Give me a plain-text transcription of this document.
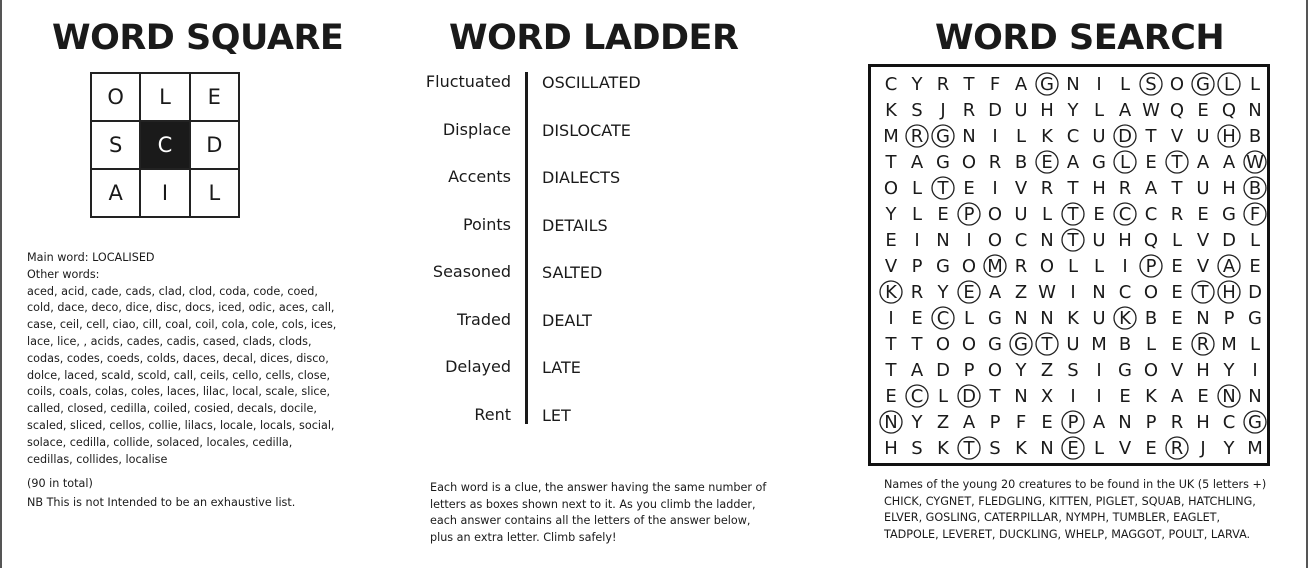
WORD SQUARE
O	L	E
S	C	D
A	I	L

Main word: LOCALISED

Other words:

aced, acid, cade, cads, clad, clod, coda, code, coed, cold, dace, deco, dice, disc, docs, iced, odic, aces, call, case, ceil, cell, ciao, cill, coal, coil, cola, cole, cols, ices, lace, lice, , acids, cades, cadis, cased, clads, clods, codas, codes, coeds, colds, daces, decal, dices, disco, dolce, laced, scald, scold, call, ceils, cello, cells, close, coils, coals, colas, coles, laces, lilac, local, scale, slice, called, closed, cedilla, coiled, cosied, decals, docile, scaled, sliced, cellos, collie, lilacs, locale, locals, social, solace, cedilla, collide, solaced, locales, cedilla, cedillas, collides, localise

(90 in total)

NB This is not Intended to be an exhaustive list.

WORD LADDER
Fluctuated OSCILLATED
Displace DISLOCATE
Accents DIALECTS
Points DETAILS
Seasoned SALTED
Traded DEALT
Delayed LATE
Rent LET
Each word is a clue, the answer having the same number of letters as boxes shown next to it. As you climb the ladder, each answer contains all the letters of the answer below, plus an extra letter. Climb safely!
WORD SEARCH
C Y R T F A G N I	L S O G L L
K S J R D U H Y L A W Q E Q N
M R G N I	L K C U D T V U H B
T A G O R B E A G L E T A A W
O L T E I V R T H R A T U H B
Y L E P O U L T E C C R E G F
E I N I O C N T U H Q L V D L
V P G O M R O L L	I P E V A E
K R Y E A Z W I N C O E T H D
I E C L G N N K U K B E N P G
T T O O G G T U M B L E R M L
T A D P O Y Z S I G O V H Y I
E C L D T N X I	I E K A E N N
N Y Z A P F E P A N P R H C G
H S K T S K N E L V E R J Y M

Names of the young 20 creatures to be found in the UK (5 letters +)

CHICK, CYGNET, FLEDGLING, KITTEN, PIGLET, SQUAB, HATCHLING,

ELVER, GOSLING, CATERPILLAR, NYMPH, TUMBLER, EAGLET,

TADPOLE, LEVERET, DUCKLING, WHELP, MAGGOT, POULT, LARVA.
